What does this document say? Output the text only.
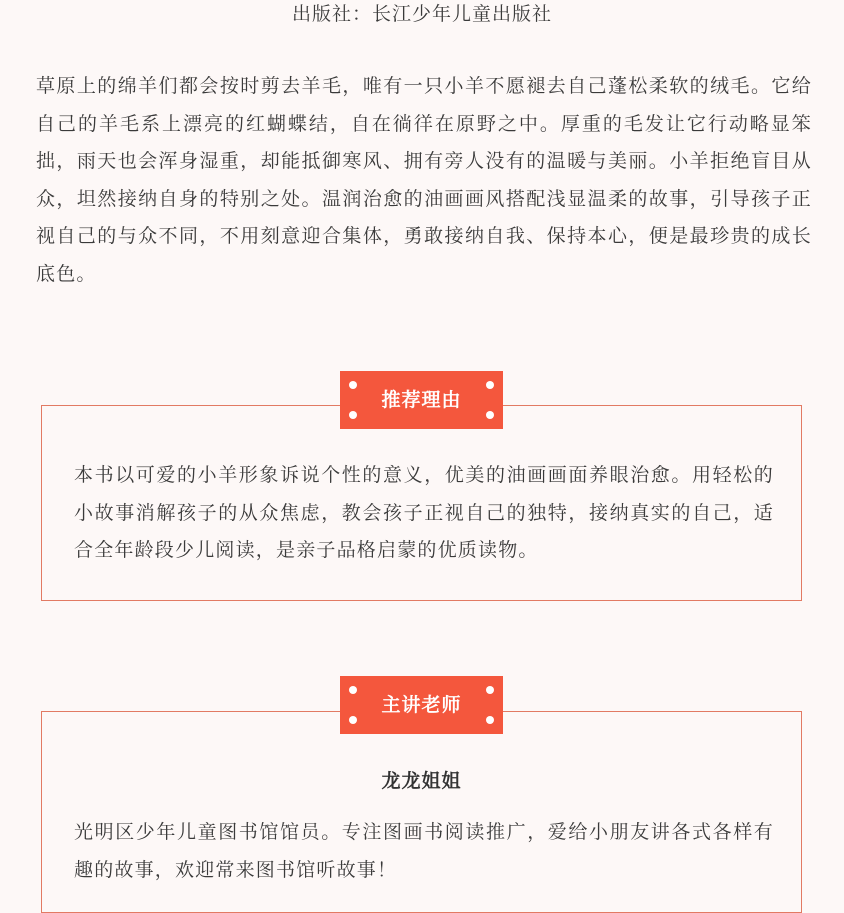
出版社：长江少年儿童出版社

草原上的绵羊们都会按时剪去羊毛，唯有一只小羊不愿褪去自己蓬松柔软的绒毛。它给自己的羊毛系上漂亮的红蝴蝶结，自在徜徉在原野之中。厚重的毛发让它行动略显笨拙，雨天也会浑身湿重，却能抵御寒风、拥有旁人没有的温暖与美丽。小羊拒绝盲目从众，坦然接纳自身的特别之处。温润治愈的油画画风搭配浅显温柔的故事，引导孩子正视自己的与众不同，不用刻意迎合集体，勇敢接纳自我、保持本心，便是最珍贵的成长底色。

推荐理由

本书以可爱的小羊形象诉说个性的意义，优美的油画画面养眼治愈。用轻松的小故事消解孩子的从众焦虑，教会孩子正视自己的独特，接纳真实的自己，适合全年龄段少儿阅读，是亲子品格启蒙的优质读物。

主讲老师
龙龙姐姐

光明区少年儿童图书馆馆员。专注图画书阅读推广，爱给小朋友讲各式各样有趣的故事，欢迎常来图书馆听故事！
